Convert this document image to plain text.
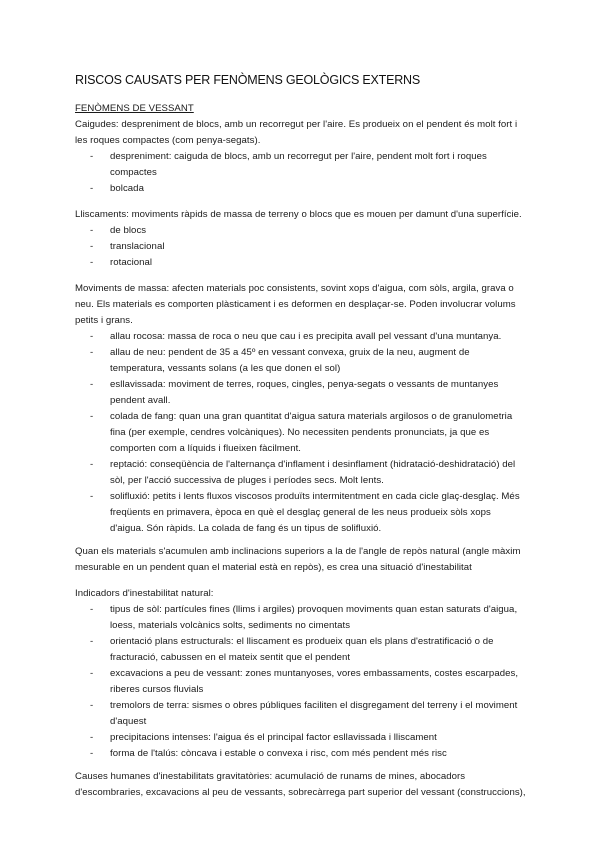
RISCOS CAUSATS PER FENÒMENS GEOLÒGICS EXTERNS

FENÒMENS DE VESSANT

Caigudes: despreniment de blocs, amb un recorregut per l'aire. Es produeix on el pendent és molt fort i les roques compactes (com penya-segats).

- despreniment: caiguda de blocs, amb un recorregut per l'aire, pendent molt fort i roques compactes
- bolcada

Lliscaments: moviments ràpids de massa de terreny o blocs que es mouen per damunt d'una superfície.

- de blocs
- translacional
- rotacional

Moviments de massa: afecten materials poc consistents, sovint xops d'aigua, com sòls, argila, grava o neu. Els materials es comporten plàsticament i es deformen en desplaçar-se. Poden involucrar volums petits i grans.

- allau rocosa: massa de roca o neu que cau i es precipita avall pel vessant d'una muntanya.
- allau de neu: pendent de 35 a 45º en vessant convexa, gruix de la neu, augment de temperatura, vessants solans (a les que donen el sol)
- esllavissada: moviment de terres, roques, cingles, penya-segats o vessants de muntanyes pendent avall.
- colada de fang: quan una gran quantitat d'aigua satura materials argilosos o de granulometria fina (per exemple, cendres volcàniques). No necessiten pendents pronunciats, ja que es comporten com a líquids i flueixen fàcilment.
- reptació: conseqüència de l'alternança d'inflament i desinflament (hidratació-deshidratació) del sòl, per l'acció successiva de pluges i períodes secs. Molt lents.
- solifluxió: petits i lents fluxos viscosos produïts intermitentment en cada cicle glaç-desglaç. Més freqüents en primavera, època en què el desglaç general de les neus produeix sòls xops d'aigua. Són ràpids. La colada de fang és un tipus de solifluxió.

Quan els materials s'acumulen amb inclinacions superiors a la de l'angle de repòs natural (angle màxim mesurable en un pendent quan el material està en repòs), es crea una situació d'inestabilitat

Indicadors d'inestabilitat natural:

- tipus de sòl: partícules fines (llims i argiles) provoquen moviments quan estan saturats d'aigua, loess, materials volcànics solts, sediments no cimentats
- orientació plans estructurals: el lliscament es produeix quan els plans d'estratificació o de fracturació, cabussen en el mateix sentit que el pendent
- excavacions a peu de vessant: zones muntanyoses, vores embassaments, costes escarpades, riberes cursos fluvials
- tremolors de terra: sismes o obres públiques faciliten el disgregament del terreny i el moviment d'aquest
- precipitacions intenses: l'aigua és el principal factor esllavissada i lliscament
- forma de l'talús: còncava i estable o convexa i risc, com més pendent més risc

Causes humanes d'inestabilitats gravitatòries: acumulació de runams de mines, abocadors d'escombraries, excavacions al peu de vessants, sobrecàrrega part superior del vessant (construccions),
